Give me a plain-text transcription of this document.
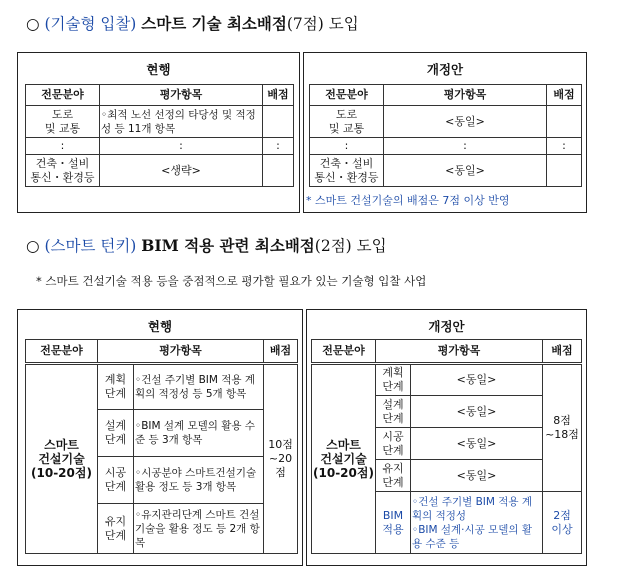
○ (기술형 입찰) 스마트 기술 최소배점(7점) 도입
현행
전문분야	평가항목	배점
도로
및 교통	◦최적 노선 선정의 타당성 및 적정성 등 11개 항목	
:	:	:
건축・설비
통신・환경등	<생략>	
개정안
전문분야	평가항목	배점
도로
및 교통	<동일>	
:	:	:
건축・설비
통신・환경등	<동일>	
* 스마트 건설기술의 배점은 7점 이상 반영
○ (스마트 턴키) BIM 적용 관련 최소배점(2점) 도입
* 스마트 건설기술 적용 등을 중점적으로 평가할 필요가 있는 기술형 입찰 사업
현행
전문분야	평가항목		배점
스마트
건설기술
(10-20점)	계획
단계	◦건설 주기별 BIM 적용 계획의 적정성 등 5개 항목	10점
~20점
	설계
단계	◦BIM 설계 모델의 활용 수준 등 3개 항목	
	시공
단계	◦시공분야 스마트건설기술 활용 정도 등 3개 항목	
	유지
단계	◦유지관리단계 스마트 건설기술을 활용 정도 등 2개 항목	
개정안
전문분야	평가항목		배점
스마트
건설기술
(10-20점)	계획
단계	<동일>	8점
~18점
	설계
단계	<동일>	
	시공
단계	<동일>	
	유지
단계	<동일>	
	BIM
적용	◦건설 주기별 BIM 적용 계획의 적정성
◦BIM 설계·시공 모델의 활용 수준 등	2점
이상
